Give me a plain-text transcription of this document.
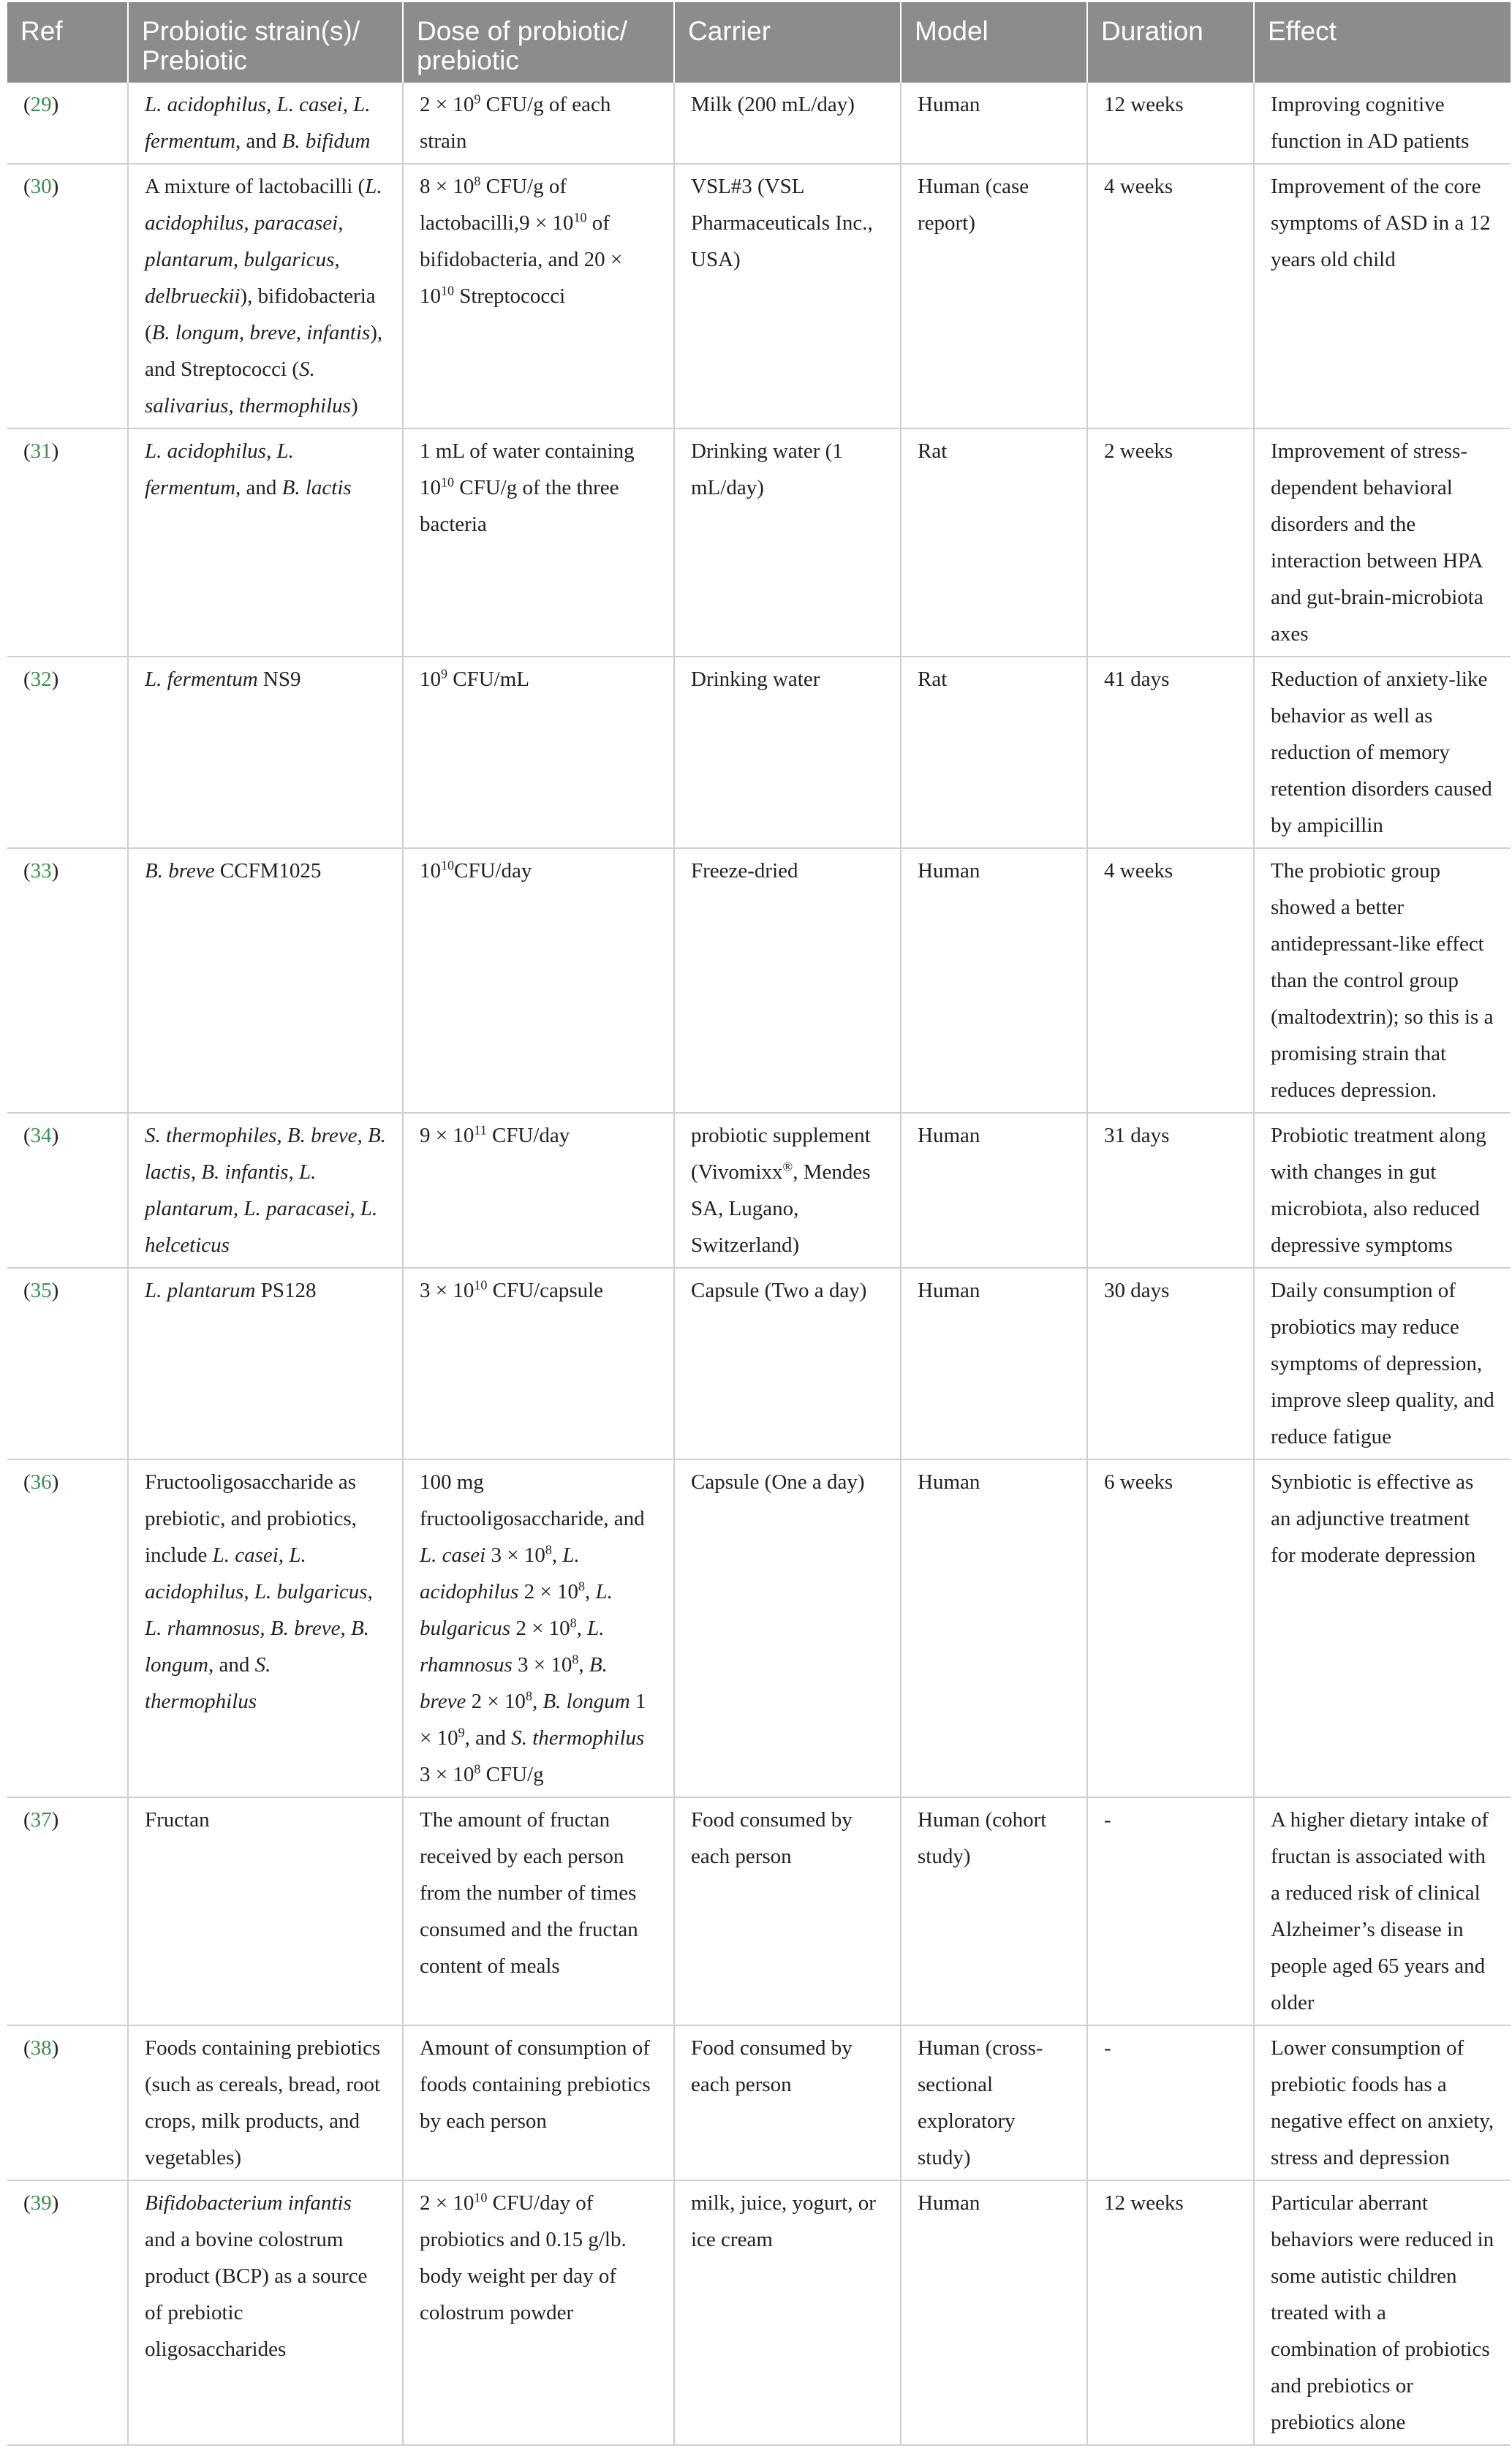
Ref	Probiotic strain(s)/ Prebiotic	Dose of probiotic/ prebiotic	Carrier	Model	Duration	Effect
(29)	L. acidophilus, L. casei, L. fermentum, and B. bifidum	$2 \times 10^9$ CFU/g of each strain	Milk (200 mL/day)	Human	12 weeks	Improving cognitive function in AD patients
(30)	A mixture of lactobacilli (L. acidophilus, paracasei, plantarum, bulgaricus, delbrueckii), bifidobacteria (B. longum, breve, infantis), and Streptococci (S. salivarius, thermophilus)	$8 \times 10^8$ CFU/g of lactobacilli,9 × $10^{10}$ of bifidobacteria, and $20 \times 10^{10}$ Streptococci	VSL#3 (VSL Pharmaceuticals Inc., USA)	Human (case report)	4 weeks	Improvement of the core symptoms of ASD in a 12 years old child
(31)	L. acidophilus, L. fermentum, and B. lactis	1 mL of water containing $10^{10}$ CFU/g of the three bacteria	Drinking water (1 mL/day)	Rat	2 weeks	Improvement of stress-dependent behavioral disorders and the interaction between HPA and gut-brain-microbiota axes
(32)	L. fermentum NS9	$10^9$ CFU/mL	Drinking water	Rat	41 days	Reduction of anxiety-like behavior as well as reduction of memory retention disorders caused by ampicillin
(33)	B. breve CCFM1025	$10^{10}CFU$/day	Freeze-dried	Human	4 weeks	The probiotic group showed a better antidepressant-like effect than the control group (maltodextrin); so this is a promising strain that reduces depression.
(34)	S. thermophiles, B. breve, B. lactis, B. infantis, L. plantarum, L. paracasei, L. helceticus	$9 \times 10^{11}$ CFU/day	probiotic supplement (Vivomixx®, Mendes SA, Lugano, Switzerland)	Human	31 days	Probiotic treatment along with changes in gut microbiota, also reduced depressive symptoms
(35)	L. plantarum PS128	$3 \times 10^{10}$ CFU/capsule	Capsule (Two a day)	Human	30 days	Daily consumption of probiotics may reduce symptoms of depression, improve sleep quality, and reduce fatigue
(36)	Fructooligosaccharide as prebiotic, and probiotics, include L. casei, L. acidophilus, L. bulgaricus, L. rhamnosus, B. breve, B. longum, and S. thermophilus	100 mg fructooligosaccharide, and L. casei $3 \times 10^8$, L. acidophilus $2 \times 10^8$, L. bulgaricus $2 \times 10^8$, L. rhamnosus $3 \times 10^8$, B. breve $2 \times 10^8$, B. longum $1 \times 10^9$, and S. thermophilus $3 \times 10^8$ CFU/g	Capsule (One a day)	Human	6 weeks	Synbiotic is effective as an adjunctive treatment for moderate depression
(37)	Fructan	The amount of fructan received by each person from the number of times consumed and the fructan content of meals	Food consumed by each person	Human (cohort study)	-	A higher dietary intake of fructan is associated with a reduced risk of clinical Alzheimer’s disease in people aged 65 years and older
(38)	Foods containing prebiotics (such as cereals, bread, root crops, milk products, and vegetables)	Amount of consumption of foods containing prebiotics by each person	Food consumed by each person	Human (cross-sectional exploratory study)	-	Lower consumption of prebiotic foods has a negative effect on anxiety, stress and depression
(39)	Bifidobacterium infantis and a bovine colostrum product (BCP) as a source of prebiotic oligosaccharides	$2 \times 10^{10}$ CFU/day of probiotics and 0.15 g/lb. body weight per day of colostrum powder	milk, juice, yogurt, or ice cream	Human	12 weeks	Particular aberrant behaviors were reduced in some autistic children treated with a combination of probiotics and prebiotics or prebiotics alone
